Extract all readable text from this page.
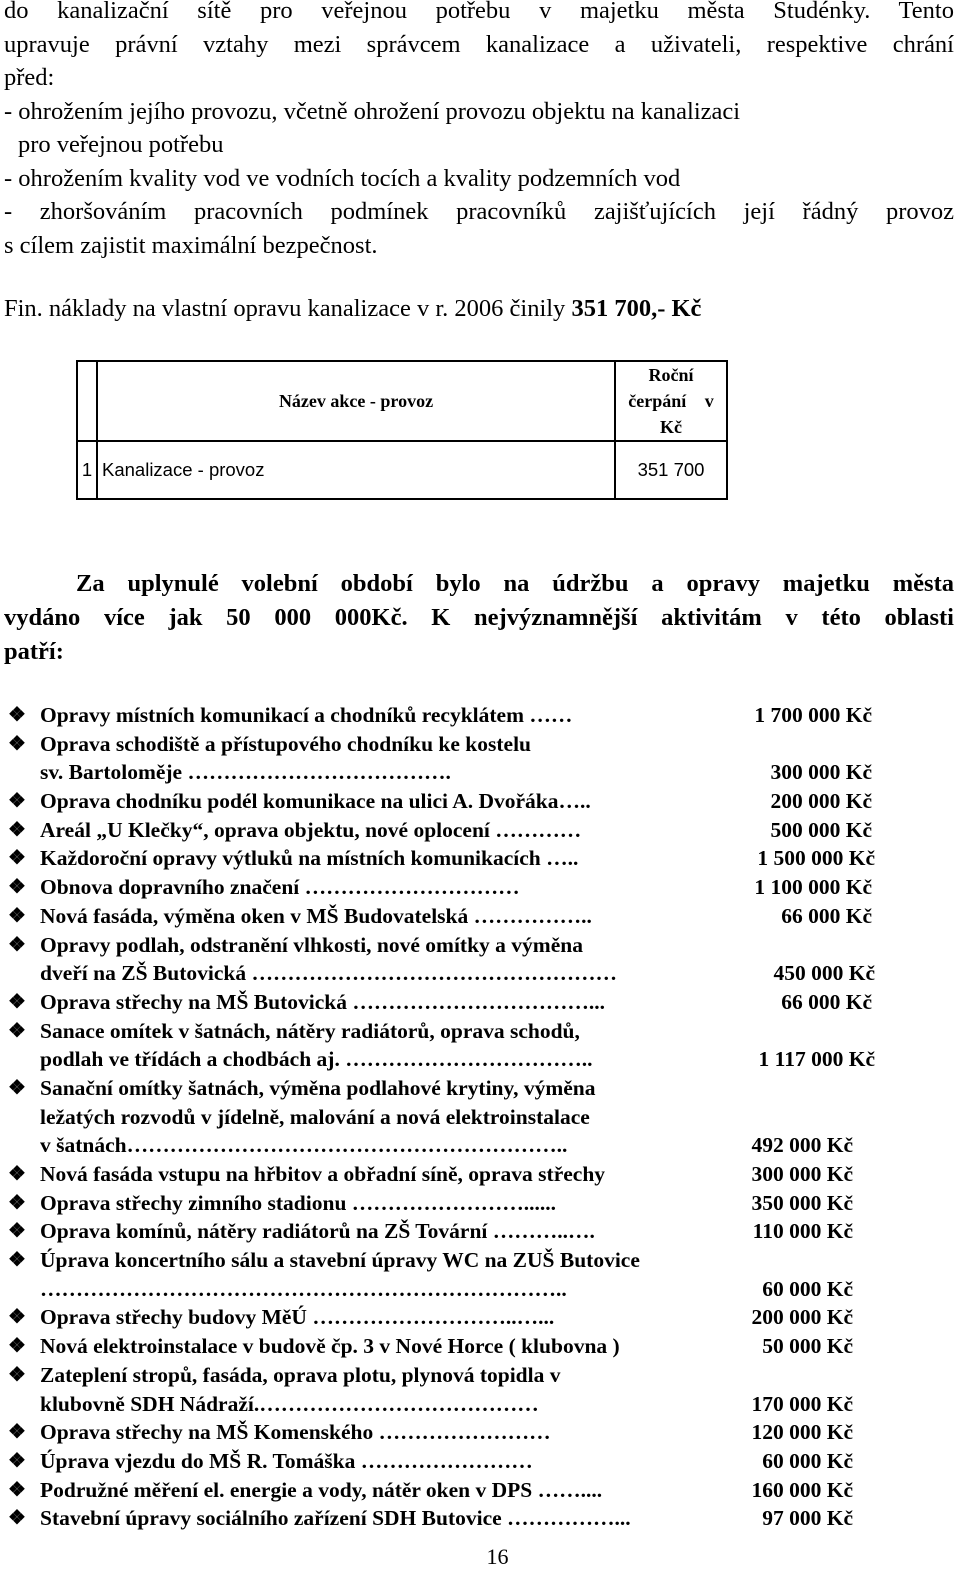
do kanalizační sítě pro veřejnou potřebu v majetku města Studénky. Tento
upravuje právní vztahy mezi správcem kanalizace a uživateli, respektive chrání
před:
- ohrožením jejího provozu, včetně ohrožení provozu objektu na kanalizaci
pro veřejnou potřebu
- ohrožením kvality vod ve vodních tocích a kvality podzemních vod
- zhoršováním pracovních podmínek pracovníků zajišťujících její řádný provoz
s cílem zajistit maximální bezpečnost.
Fin. náklady na vlastní opravu kanalizace v r. 2006 činily 351 700,- Kč
	Název akce - provoz	Roční
čerpání v
Kč

1	Kanalizace - provoz	351 700
Za uplynulé volební období bylo na údržbu a opravy majetku města
vydáno více jak 50 000 000Kč. K nejvýznamnější aktivitám v této oblasti
patří:
❖ Opravy místních komunikací a chodníků recyklátem ……	1 700 000 Kč
❖ Oprava schodiště a přístupového chodníku ke kostelu
sv. Bartoloměje ……………………………….	300 000 Kč
❖ Oprava chodníku podél komunikace na ulici A. Dvořáka…..	200 000 Kč
❖ Areál „U Klečky“, oprava objektu, nové oplocení …………	500 000 Kč
❖ Každoroční opravy výtluků na místních komunikacích …..	1 500 000 Kč
❖ Obnova dopravního značení …………………………	1 100 000 Kč
❖ Nová fasáda, výměna oken v MŠ Budovatelská ……………..	66 000 Kč
❖ Opravy podlah, odstranění vlhkosti, nové omítky a výměna
dveří na ZŠ Butovická ……………………………………………	450 000 Kč
❖ Oprava střechy na MŠ Butovická ……………………………...	66 000 Kč
❖ Sanace omítek v šatnách, nátěry radiátorů, oprava schodů,
podlah ve třídách a chodbách aj. ……………………………..	1 117 000 Kč
❖ Sanační omítky šatnách, výměna podlahové krytiny, výměna
ležatých rozvodů v jídelně, malování a nová elektroinstalace
v šatnách……………………………………………………..	492 000 Kč
❖ Nová fasáda vstupu na hřbitov a obřadní síně, oprava střechy	300 000 Kč
❖ Oprava střechy zimního stadionu ……………………......	350 000 Kč
❖ Oprava komínů, nátěry radiátorů na ZŠ Tovární ………..….	110 000 Kč
❖ Úprava koncertního sálu a stavební úpravy WC na ZUŠ Butovice
………………………………………………………………..	60 000 Kč
❖ Oprava střechy budovy MěÚ ………………………..…...	200 000 Kč
❖ Nová elektroinstalace v budově čp. 3 v Nové Horce ( klubovna )	50 000 Kč
❖ Zateplení stropů, fasáda, oprava plotu, plynová topidla v
klubovně SDH Nádraží.…………………………………	170 000 Kč
❖ Oprava střechy na MŠ Komenského ……………………	120 000 Kč
❖ Úprava vjezdu do MŠ R. Tomáška ……………………	60 000 Kč
❖ Podružné měření el. energie a vody, nátěr oken v DPS ……....	160 000 Kč
❖ Stavební úpravy sociálního zařízení SDH Butovice ……………...	97 000 Kč
16
